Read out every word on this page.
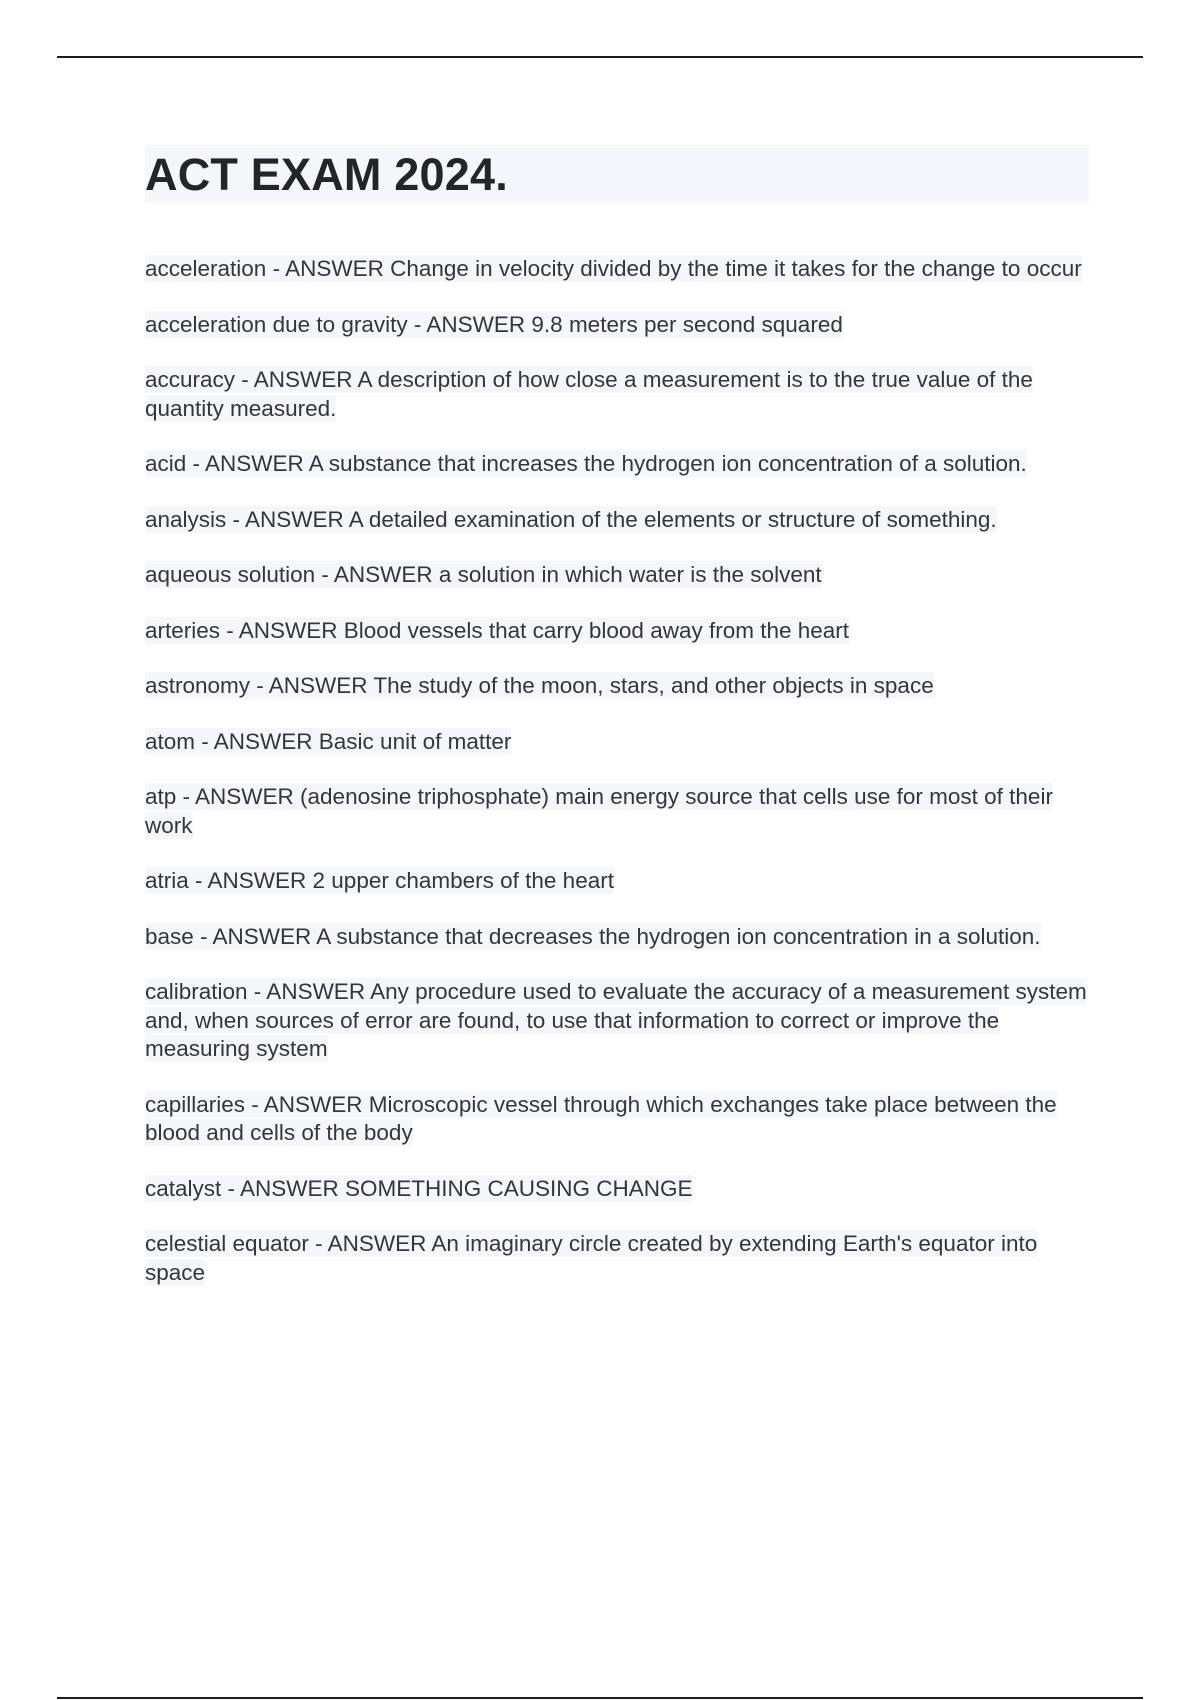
ACT EXAM 2024.

acceleration - ANSWER Change in velocity divided by the time it takes for the change to occur

acceleration due to gravity - ANSWER 9.8 meters per second squared

accuracy - ANSWER A description of how close a measurement is to the true value of the quantity measured.

acid - ANSWER A substance that increases the hydrogen ion concentration of a solution.

analysis - ANSWER A detailed examination of the elements or structure of something.

aqueous solution - ANSWER a solution in which water is the solvent

arteries - ANSWER Blood vessels that carry blood away from the heart

astronomy - ANSWER The study of the moon, stars, and other objects in space

atom - ANSWER Basic unit of matter

atp - ANSWER (adenosine triphosphate) main energy source that cells use for most of their work

atria - ANSWER 2 upper chambers of the heart

base - ANSWER A substance that decreases the hydrogen ion concentration in a solution.

calibration - ANSWER Any procedure used to evaluate the accuracy of a measurement system and, when sources of error are found, to use that information to correct or improve the measuring system

capillaries - ANSWER Microscopic vessel through which exchanges take place between the blood and cells of the body

catalyst - ANSWER SOMETHING CAUSING CHANGE

celestial equator - ANSWER An imaginary circle created by extending Earth's equator into space
